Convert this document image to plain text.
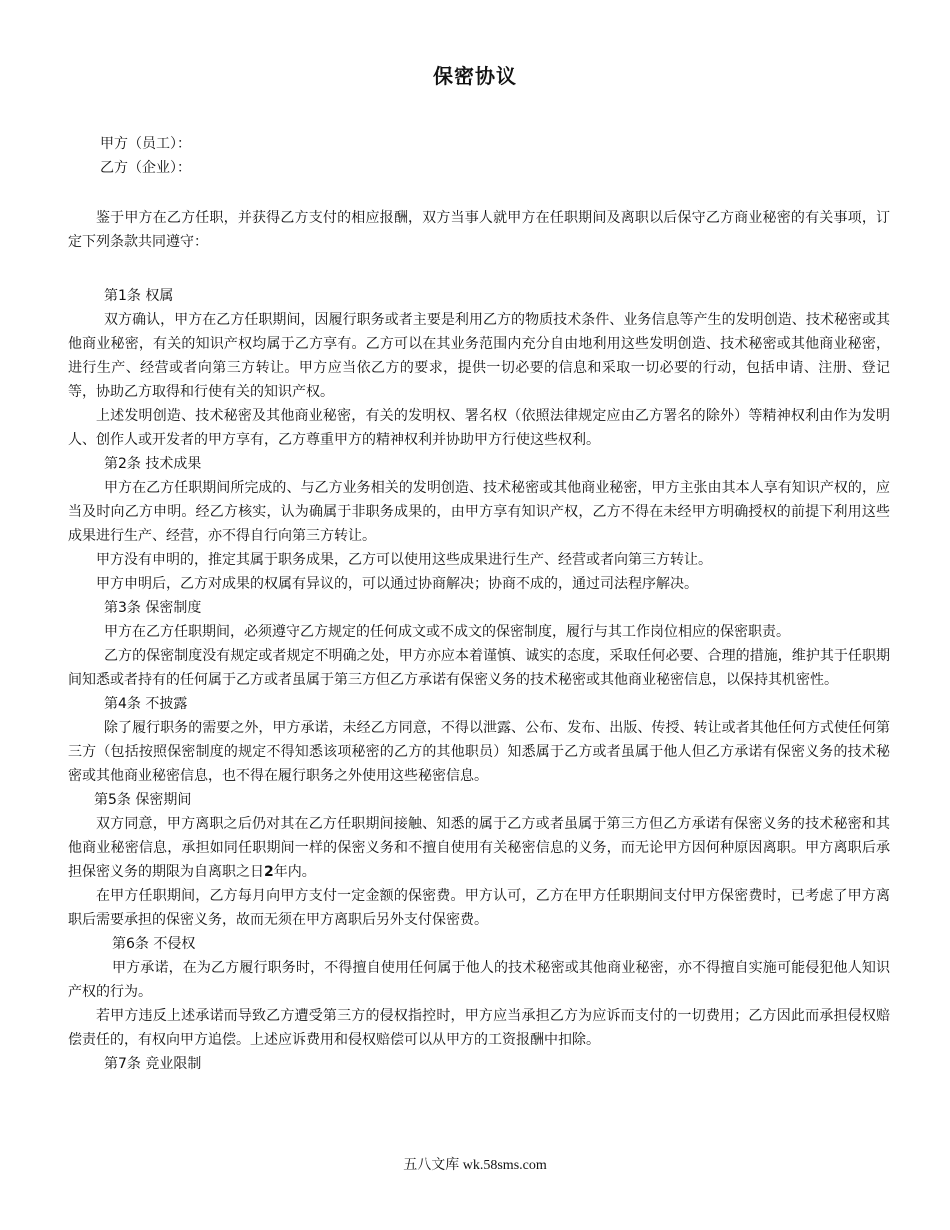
保密协议
甲方（员工）：
乙方（企业）：

鉴于甲方在乙方任职，并获得乙方支付的相应报酬，双方当事人就甲方在任职期间及离职以后保守乙方商业秘密的有关事项，订定下列条款共同遵守：

第1条 权属

双方确认，甲方在乙方任职期间，因履行职务或者主要是利用乙方的物质技术条件、业务信息等产生的发明创造、技术秘密或其他商业秘密，有关的知识产权均属于乙方享有。乙方可以在其业务范围内充分自由地利用这些发明创造、技术秘密或其他商业秘密，进行生产、经营或者向第三方转让。甲方应当依乙方的要求，提供一切必要的信息和采取一切必要的行动，包括申请、注册、登记等，协助乙方取得和行使有关的知识产权。

上述发明创造、技术秘密及其他商业秘密，有关的发明权、署名权（依照法律规定应由乙方署名的除外）等精神权利由作为发明人、创作人或开发者的甲方享有，乙方尊重甲方的精神权利并协助甲方行使这些权利。

第2条 技术成果

甲方在乙方任职期间所完成的、与乙方业务相关的发明创造、技术秘密或其他商业秘密，甲方主张由其本人享有知识产权的，应当及时向乙方申明。经乙方核实，认为确属于非职务成果的，由甲方享有知识产权，乙方不得在未经甲方明确授权的前提下利用这些成果进行生产、经营，亦不得自行向第三方转让。

甲方没有申明的，推定其属于职务成果，乙方可以使用这些成果进行生产、经营或者向第三方转让。

甲方申明后，乙方对成果的权属有异议的，可以通过协商解决；协商不成的，通过司法程序解决。

第3条 保密制度

甲方在乙方任职期间，必须遵守乙方规定的任何成文或不成文的保密制度，履行与其工作岗位相应的保密职责。

乙方的保密制度没有规定或者规定不明确之处，甲方亦应本着谨慎、诚实的态度，采取任何必要、合理的措施，维护其于任职期间知悉或者持有的任何属于乙方或者虽属于第三方但乙方承诺有保密义务的技术秘密或其他商业秘密信息，以保持其机密性。

第4条 不披露

除了履行职务的需要之外，甲方承诺，未经乙方同意，不得以泄露、公布、发布、出版、传授、转让或者其他任何方式使任何第三方（包括按照保密制度的规定不得知悉该项秘密的乙方的其他职员）知悉属于乙方或者虽属于他人但乙方承诺有保密义务的技术秘密或其他商业秘密信息，也不得在履行职务之外使用这些秘密信息。

第5条 保密期间

双方同意，甲方离职之后仍对其在乙方任职期间接触、知悉的属于乙方或者虽属于第三方但乙方承诺有保密义务的技术秘密和其他商业秘密信息，承担如同任职期间一样的保密义务和不擅自使用有关秘密信息的义务，而无论甲方因何种原因离职。甲方离职后承担保密义务的期限为自离职之日2年内。

在甲方任职期间，乙方每月向甲方支付一定金额的保密费。甲方认可，乙方在甲方任职期间支付甲方保密费时，已考虑了甲方离职后需要承担的保密义务，故而无须在甲方离职后另外支付保密费。

第6条 不侵权

甲方承诺，在为乙方履行职务时，不得擅自使用任何属于他人的技术秘密或其他商业秘密，亦不得擅自实施可能侵犯他人知识产权的行为。

若甲方违反上述承诺而导致乙方遭受第三方的侵权指控时，甲方应当承担乙方为应诉而支付的一切费用；乙方因此而承担侵权赔偿责任的，有权向甲方追偿。上述应诉费用和侵权赔偿可以从甲方的工资报酬中扣除。

第7条 竞业限制

五八文库 wk.58sms.com
